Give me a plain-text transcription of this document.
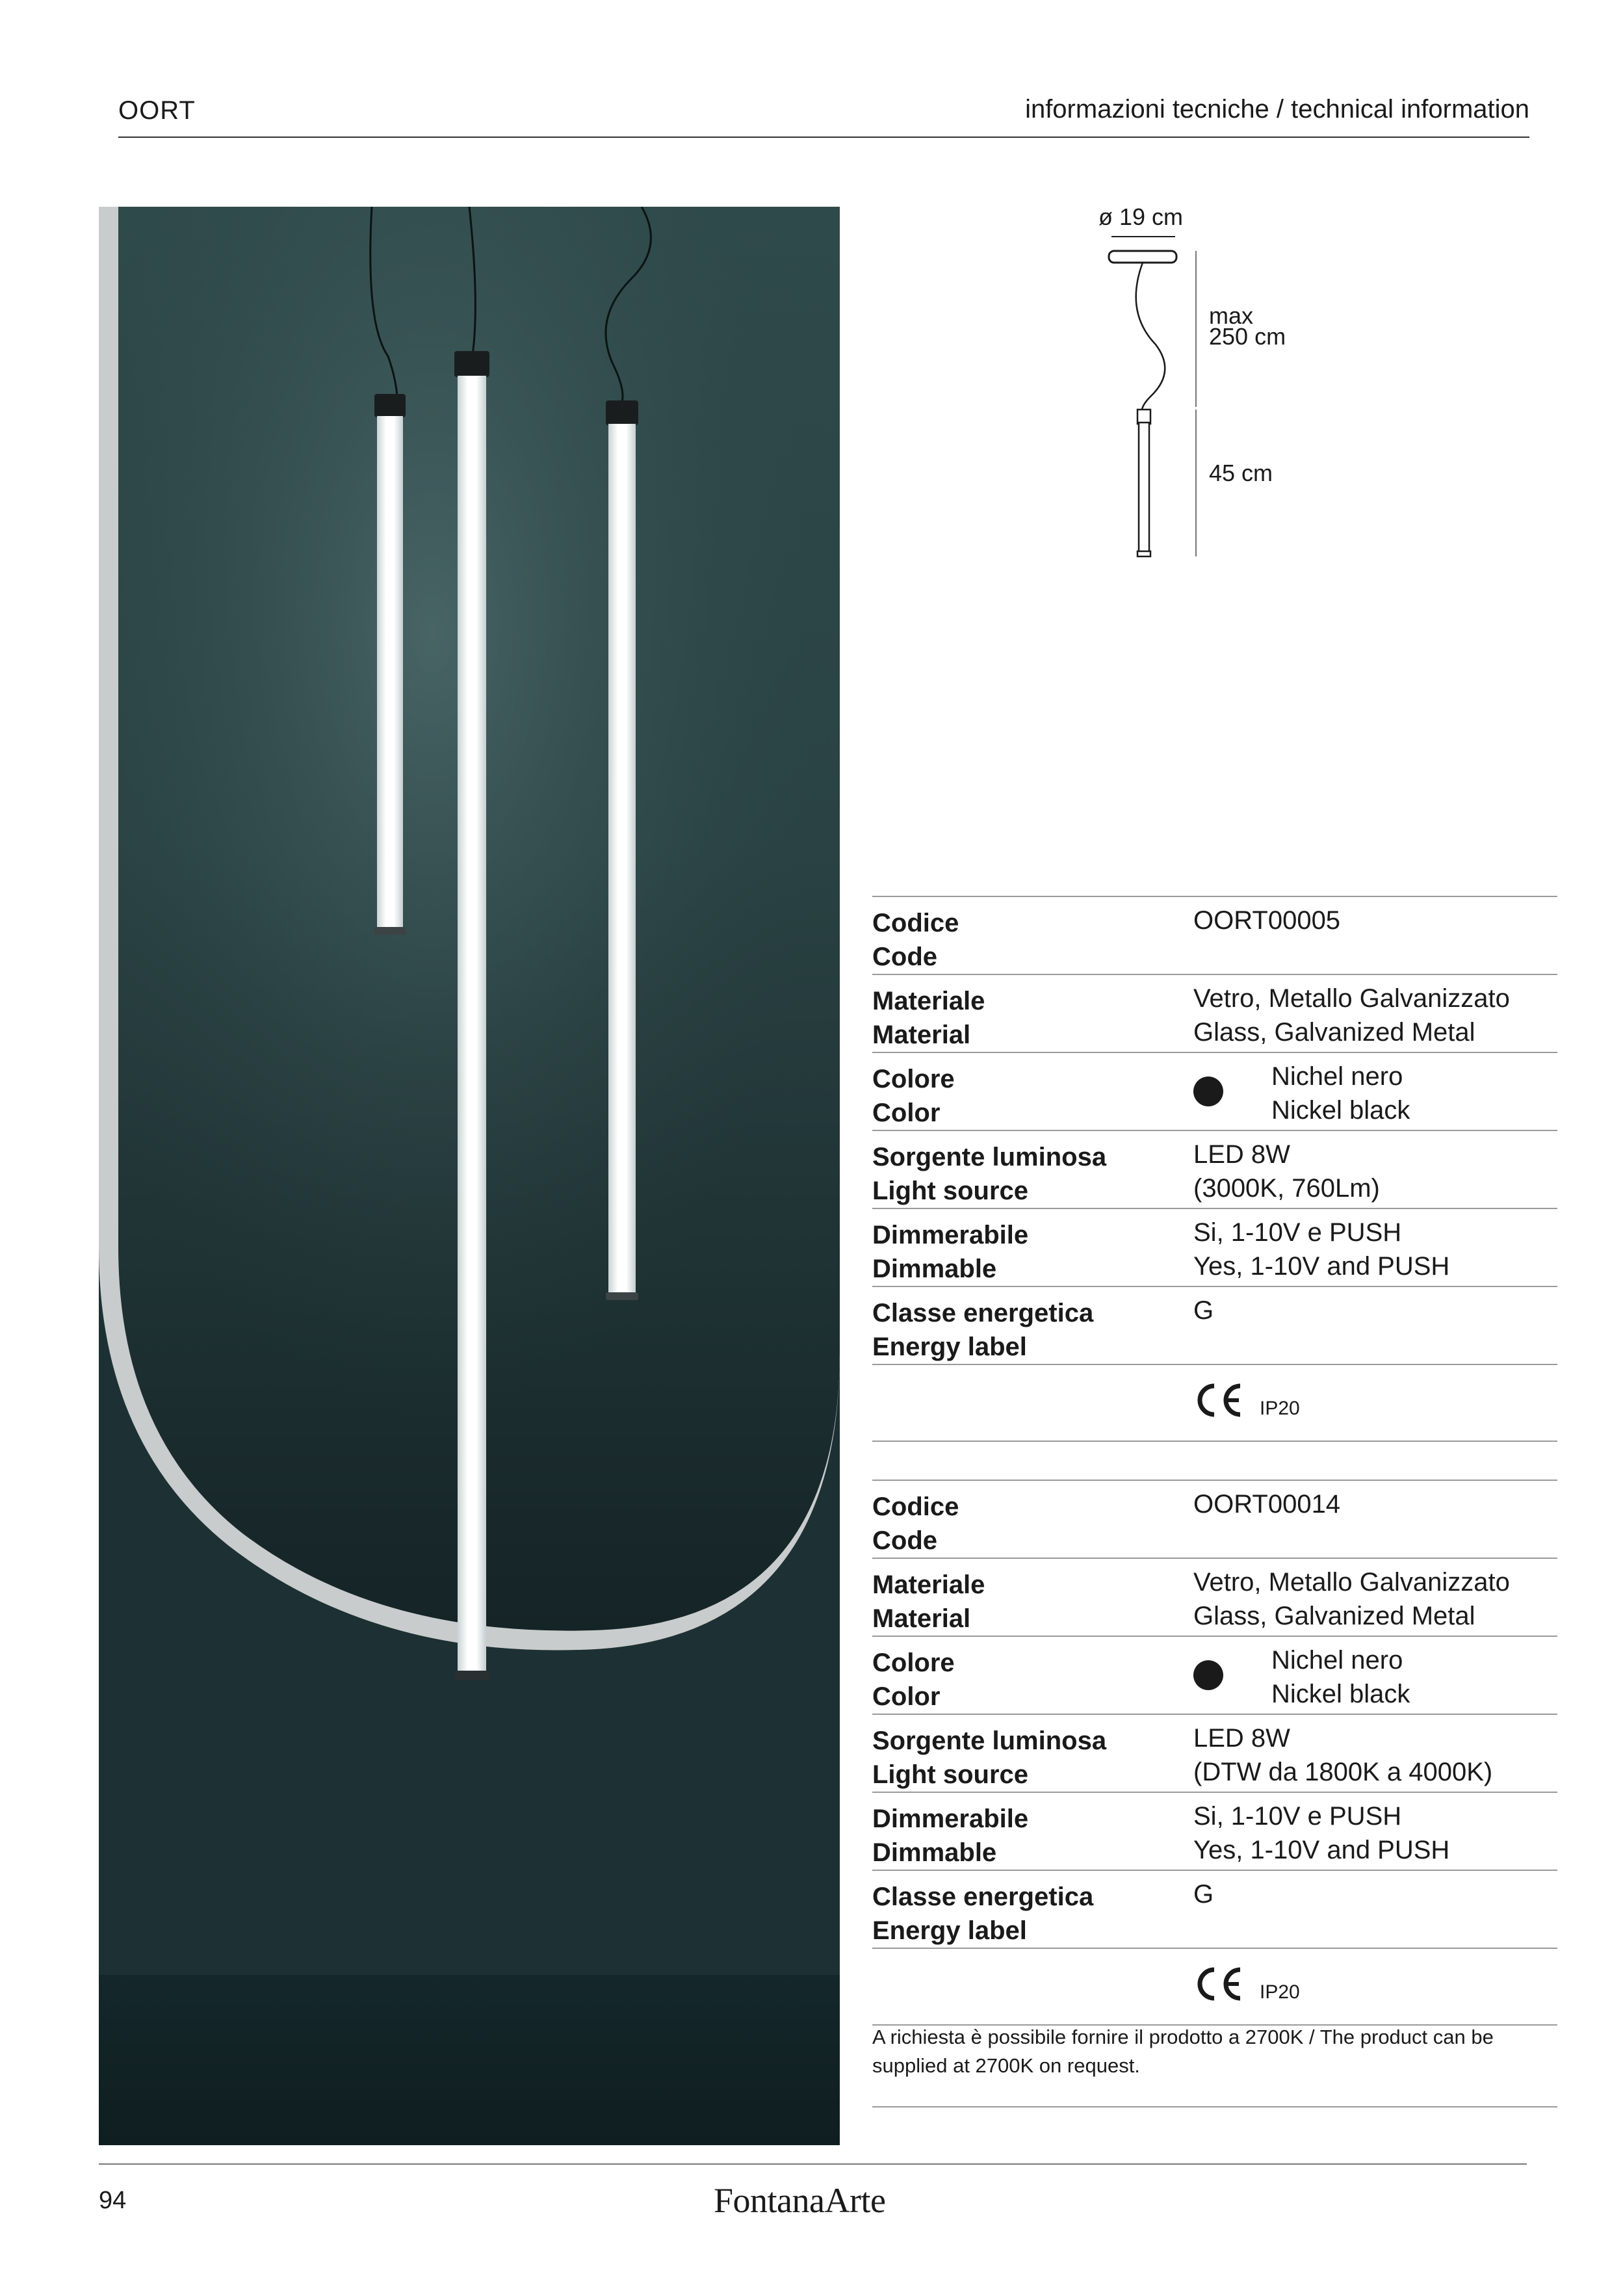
OORT	informazioni tecniche / technical information
ø 19 cm
max
250 cm
45 cm
Codice
Code
OORT00005
Materiale
Material
Vetro, Metallo Galvanizzato
Glass, Galvanized Metal
Colore
Color
Nichel nero
Nickel black
Sorgente luminosa
Light source
LED 8W
(3000K, 760Lm)
Dimmerabile
Dimmable
Si, 1-10V e PUSH
Yes, 1-10V and PUSH
Classe energetica
Energy label
G
IP20
Codice
Code
OORT00014
Materiale
Material
Vetro, Metallo Galvanizzato
Glass, Galvanized Metal
Colore
Color
Nichel nero
Nickel black
Sorgente luminosa
Light source
LED 8W
(DTW da 1800K a 4000K)
Dimmerabile
Dimmable
Si, 1-10V e PUSH
Yes, 1-10V and PUSH
Classe energetica
Energy label
G
IP20
A richiesta è possibile fornire il prodotto a 2700K / The product can be supplied at 2700K on request.
94	FontanaArte
